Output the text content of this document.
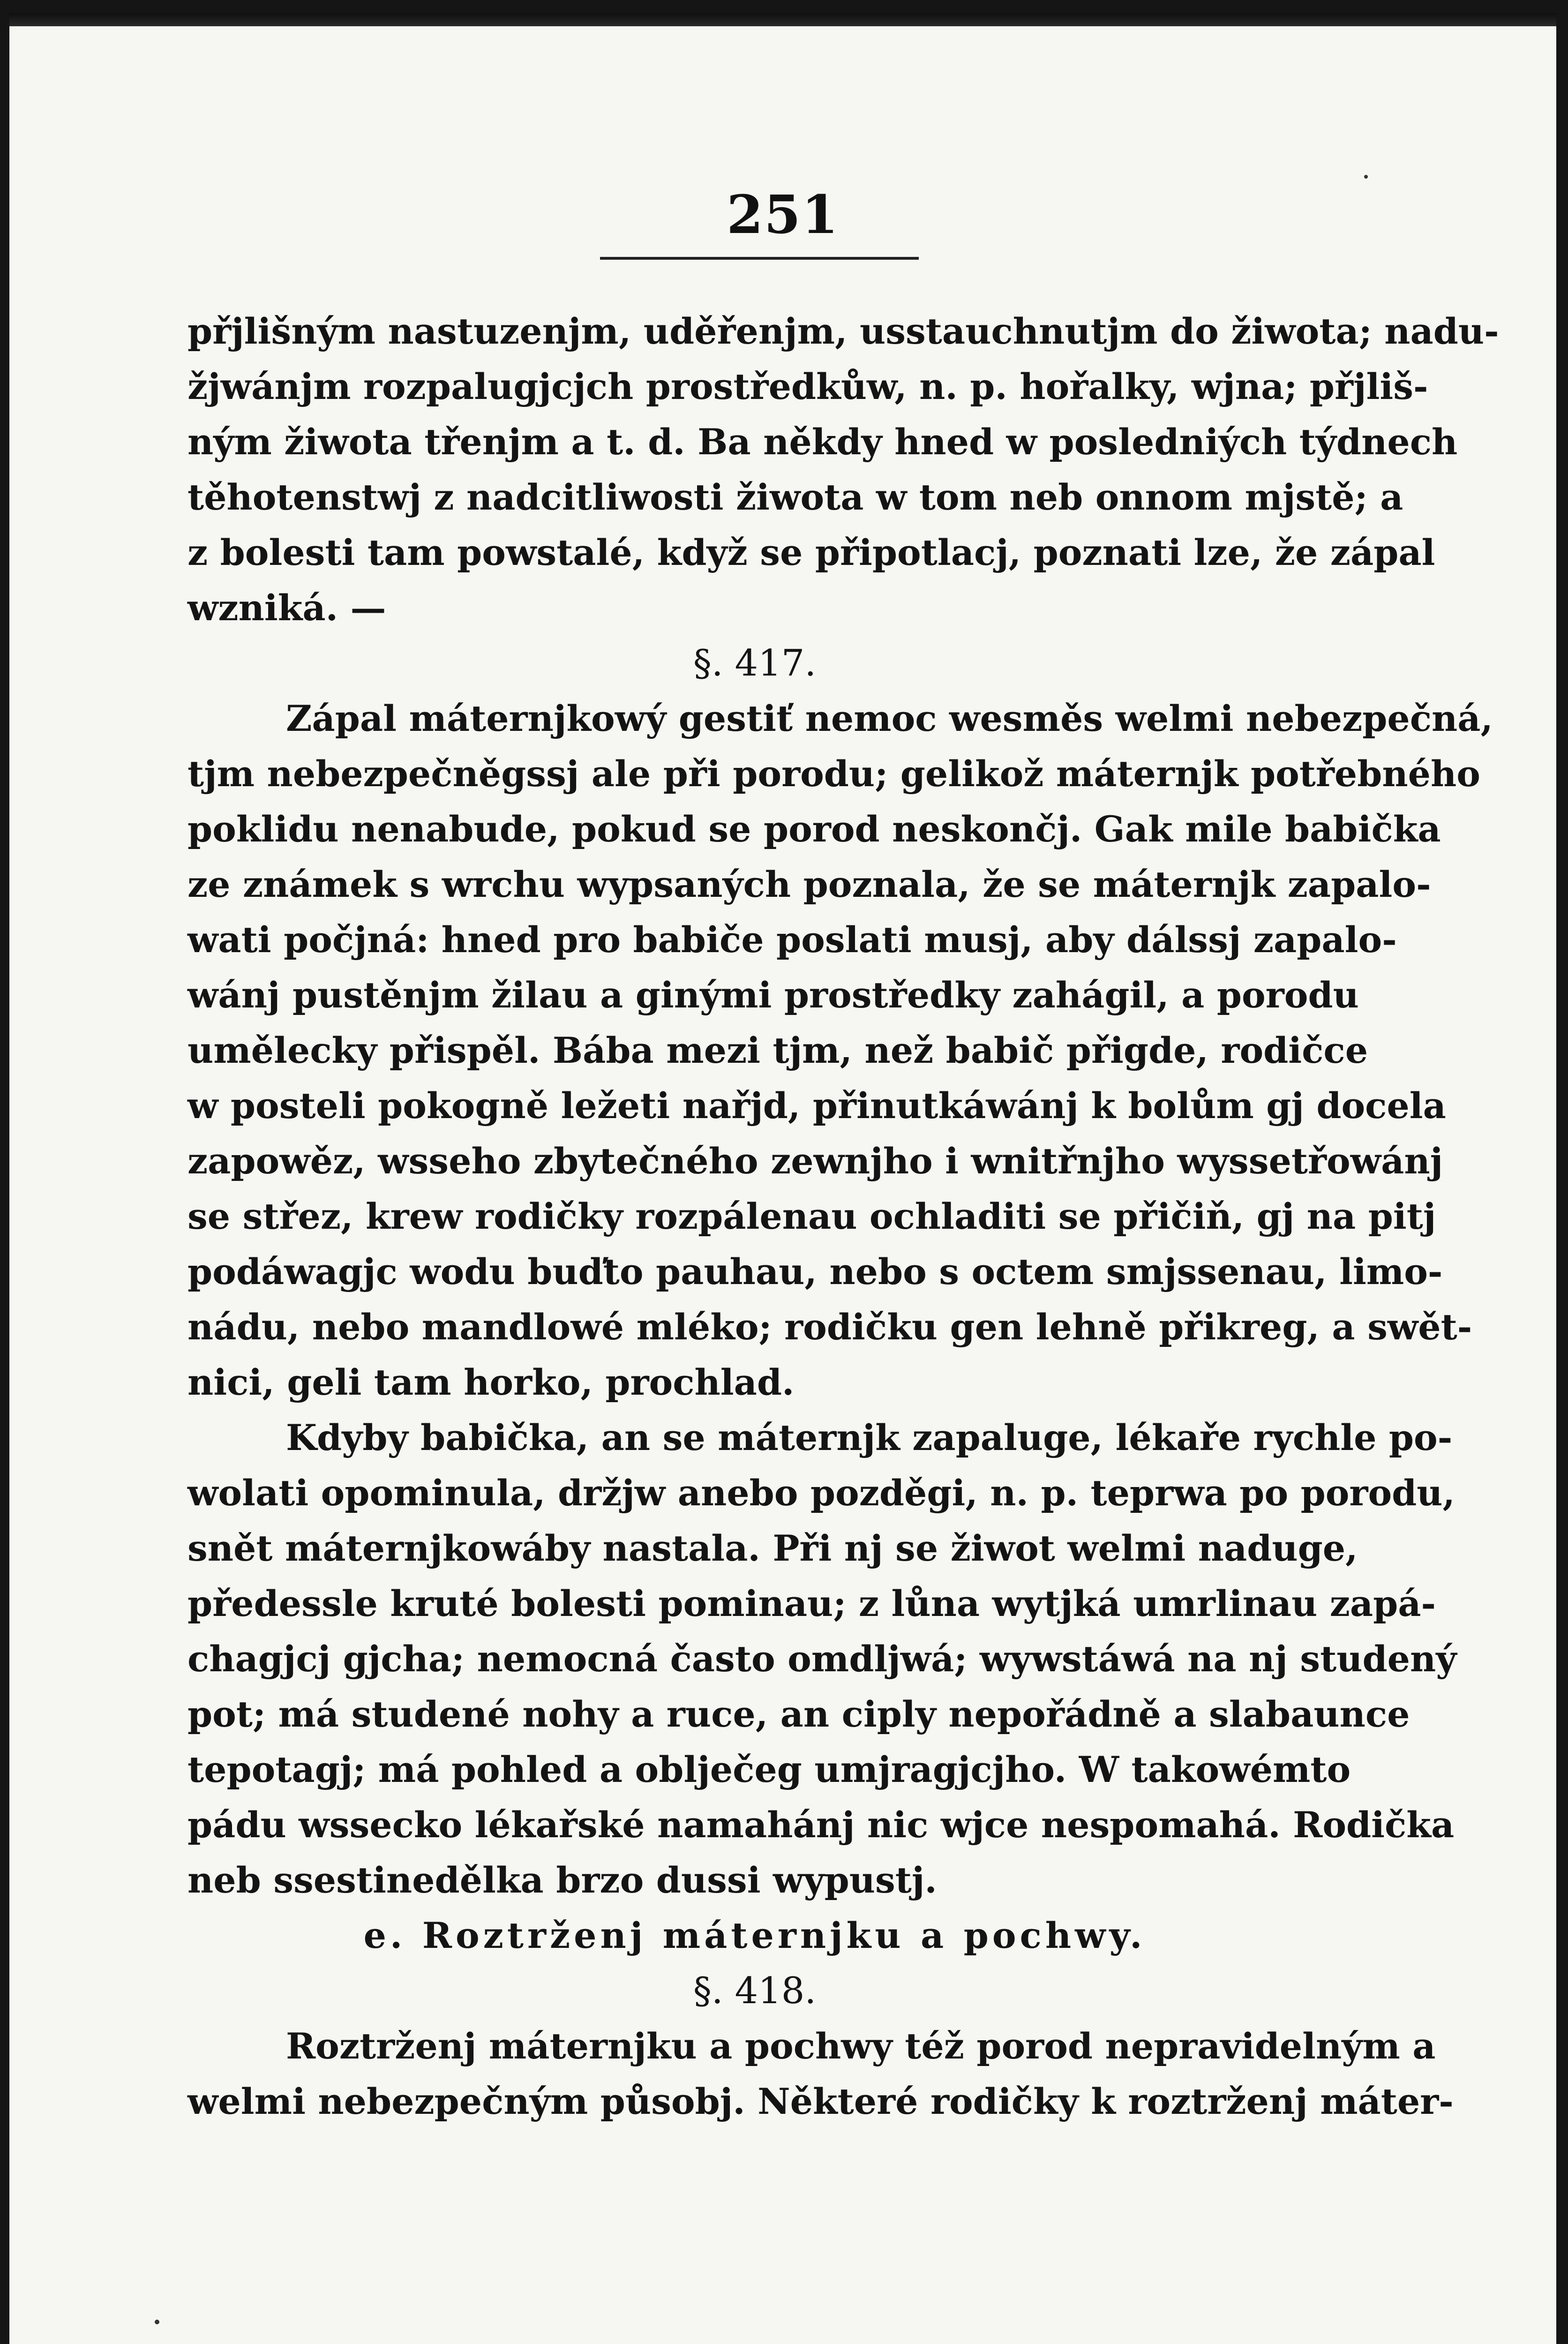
251
přjlišným nastuzenjm, uděřenjm, usstauchnutjm do žiwota; nadu-
žjwánjm rozpalugjcjch prostředkůw, n. p. hořalky, wjna; přjliš-
ným žiwota třenjm a t. d. Ba někdy hned w posledniých týdnech
těhotenstwj z nadcitliwosti žiwota w tom neb onnom mjstě; a
z bolesti tam powstalé, když se připotlacj, poznati lze, že zápal
wzniká. —
§. 417.
Zápal máternjkowý gestiť nemoc wesměs welmi nebezpečná,
tjm nebezpečněgssj ale při porodu; gelikož máternjk potřebného
poklidu nenabude, pokud se porod neskončj. Gak mile babička
ze známek s wrchu wypsaných poznala, že se máternjk zapalo-
wati počjná: hned pro babiče poslati musj, aby dálssj zapalo-
wánj pustěnjm žilau a ginými prostředky zahágil, a porodu
umělecky přispěl. Bába mezi tjm, než babič přigde, rodičce
w posteli pokogně ležeti nařjd, přinutkáwánj k bolům gj docela
zapowěz, wsseho zbytečného zewnjho i wnitřnjho wyssetřowánj
se střez, krew rodičky rozpálenau ochladiti se přičiň, gj na pitj
podáwagjc wodu buďto pauhau, nebo s octem smjssenau, limo-
nádu, nebo mandlowé mléko; rodičku gen lehně přikreg, a swět-
nici, geli tam horko, prochlad.
Kdyby babička, an se máternjk zapaluge, lékaře rychle po-
wolati opominula, držjw anebo pozděgi, n. p. teprwa po porodu,
snět máternjkowáby nastala. Při nj se žiwot welmi naduge,
předessle kruté bolesti pominau; z lůna wytjká umrlinau zapá-
chagjcj gjcha; nemocná často omdljwá; wywstáwá na nj studený
pot; má studené nohy a ruce, an ciply nepořádně a slabaunce
tepotagj; má pohled a oblječeg umjragjcjho. W takowémto
pádu wssecko lékařské namahánj nic wjce nespomahá. Rodička
neb ssestinedělka brzo dussi wypustj.
e. Roztrženj máternjku a pochwy.
§. 418.
Roztrženj máternjku a pochwy též porod nepravidelným a
welmi nebezpečným působj. Některé rodičky k roztrženj máter-
